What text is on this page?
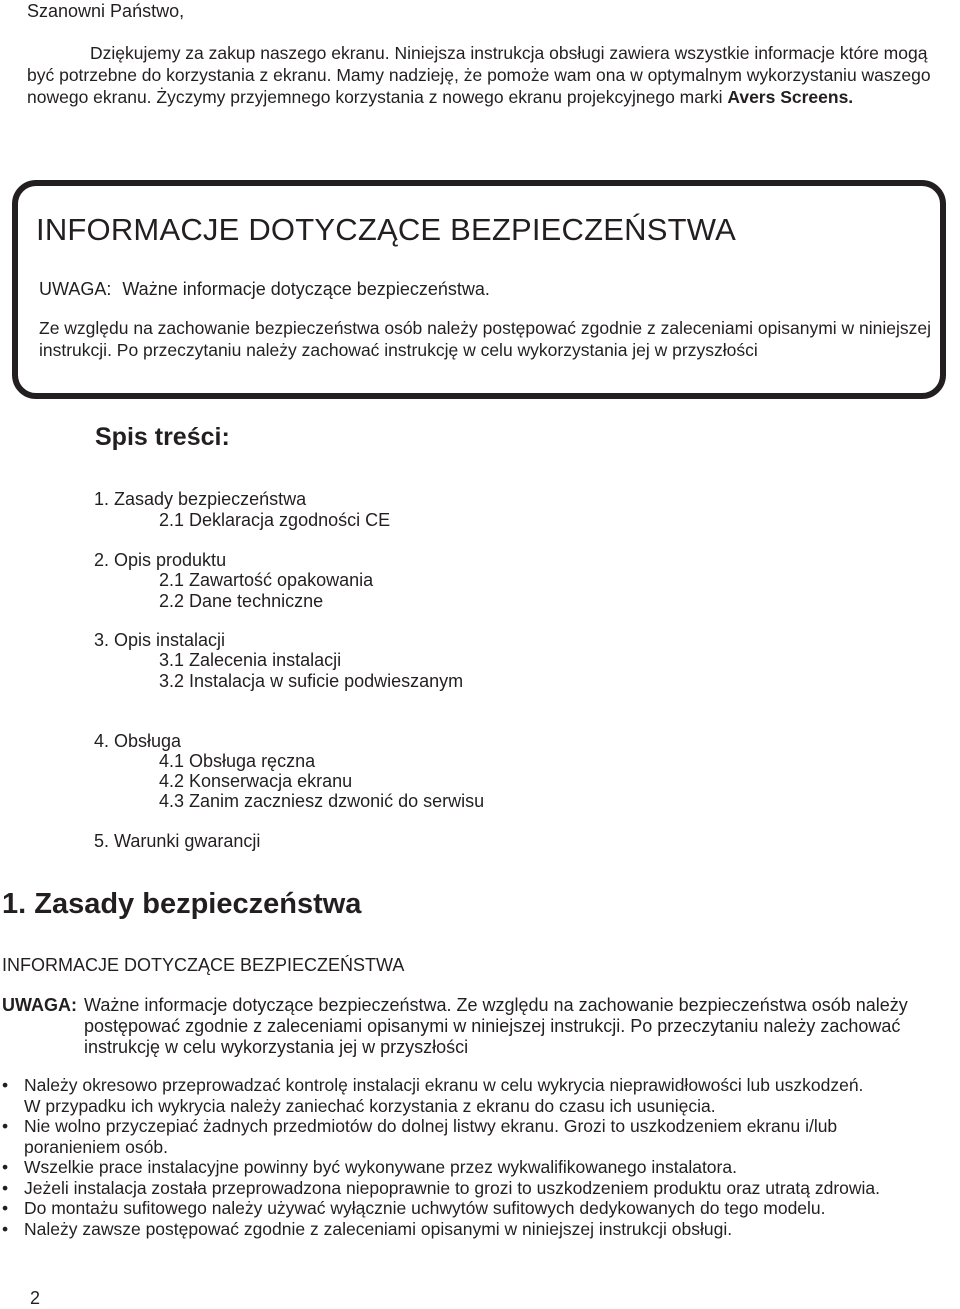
Szanowni Państwo,
Dziękujemy za zakup naszego ekranu. Niniejsza instrukcja obsługi zawiera wszystkie informacje które mogą
być potrzebne do korzystania z ekranu. Mamy nadzieję, że pomoże wam ona w optymalnym wykorzystaniu waszego
nowego ekranu. Życzymy przyjemnego korzystania z nowego ekranu projekcyjnego marki Avers Screens.
INFORMACJE DOTYCZĄCE BEZPIECZEŃSTWA
UWAGA: Ważne informacje dotyczące bezpieczeństwa.
Ze względu na zachowanie bezpieczeństwa osób należy postępować zgodnie z zaleceniami opisanymi w niniejszej
instrukcji. Po przeczytaniu należy zachować instrukcję w celu wykorzystania jej w przyszłości
Spis treści:
1. Zasady bezpieczeństwa
2.1 Deklaracja zgodności CE
2. Opis produktu
2.1 Zawartość opakowania
2.2 Dane techniczne
3. Opis instalacji
3.1 Zalecenia instalacji
3.2 Instalacja w suficie podwieszanym
4. Obsługa
4.1 Obsługa ręczna
4.2 Konserwacja ekranu
4.3 Zanim zaczniesz dzwonić do serwisu
5. Warunki gwarancji
1. Zasady bezpieczeństwa
INFORMACJE DOTYCZĄCE BEZPIECZEŃSTWA
UWAGA: Ważne informacje dotyczące bezpieczeństwa. Ze względu na zachowanie bezpieczeństwa osób należy
postępować zgodnie z zaleceniami opisanymi w niniejszej instrukcji. Po przeczytaniu należy zachować
instrukcję w celu wykorzystania jej w przyszłości
• Należy okresowo przeprowadzać kontrolę instalacji ekranu w celu wykrycia nieprawidłowości lub uszkodzeń.
W przypadku ich wykrycia należy zaniechać korzystania z ekranu do czasu ich usunięcia.
• Nie wolno przyczepiać żadnych przedmiotów do dolnej listwy ekranu. Grozi to uszkodzeniem ekranu i/lub
poranieniem osób.
• Wszelkie prace instalacyjne powinny być wykonywane przez wykwalifikowanego instalatora.
• Jeżeli instalacja została przeprowadzona niepoprawnie to grozi to uszkodzeniem produktu oraz utratą zdrowia.
• Do montażu sufitowego należy używać wyłącznie uchwytów sufitowych dedykowanych do tego modelu.
• Należy zawsze postępować zgodnie z zaleceniami opisanymi w niniejszej instrukcji obsługi.
2
